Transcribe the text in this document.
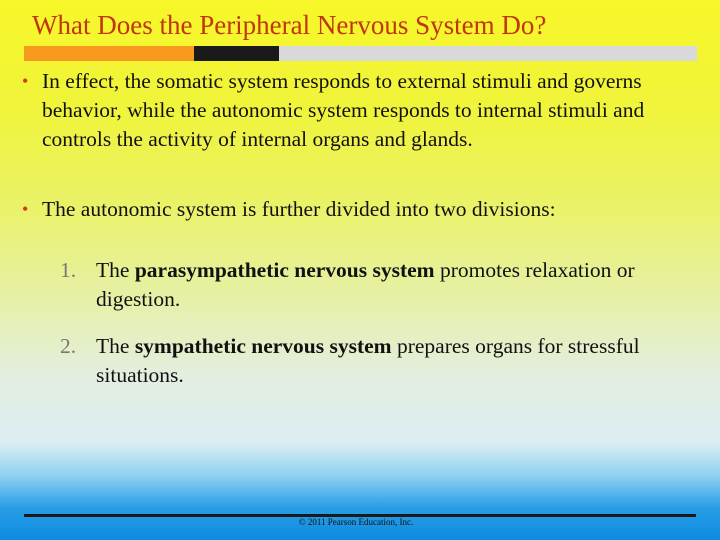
What Does the Peripheral Nervous System Do?
• In effect, the somatic system responds to external stimuli and governs behavior, while the autonomic system responds to internal stimuli and controls the activity of internal organs and glands.
• The autonomic system is further divided into two divisions:
1. The parasympathetic nervous system promotes relaxation or digestion.
2. The sympathetic nervous system prepares organs for stressful situations.
© 2011 Pearson Education, Inc.
